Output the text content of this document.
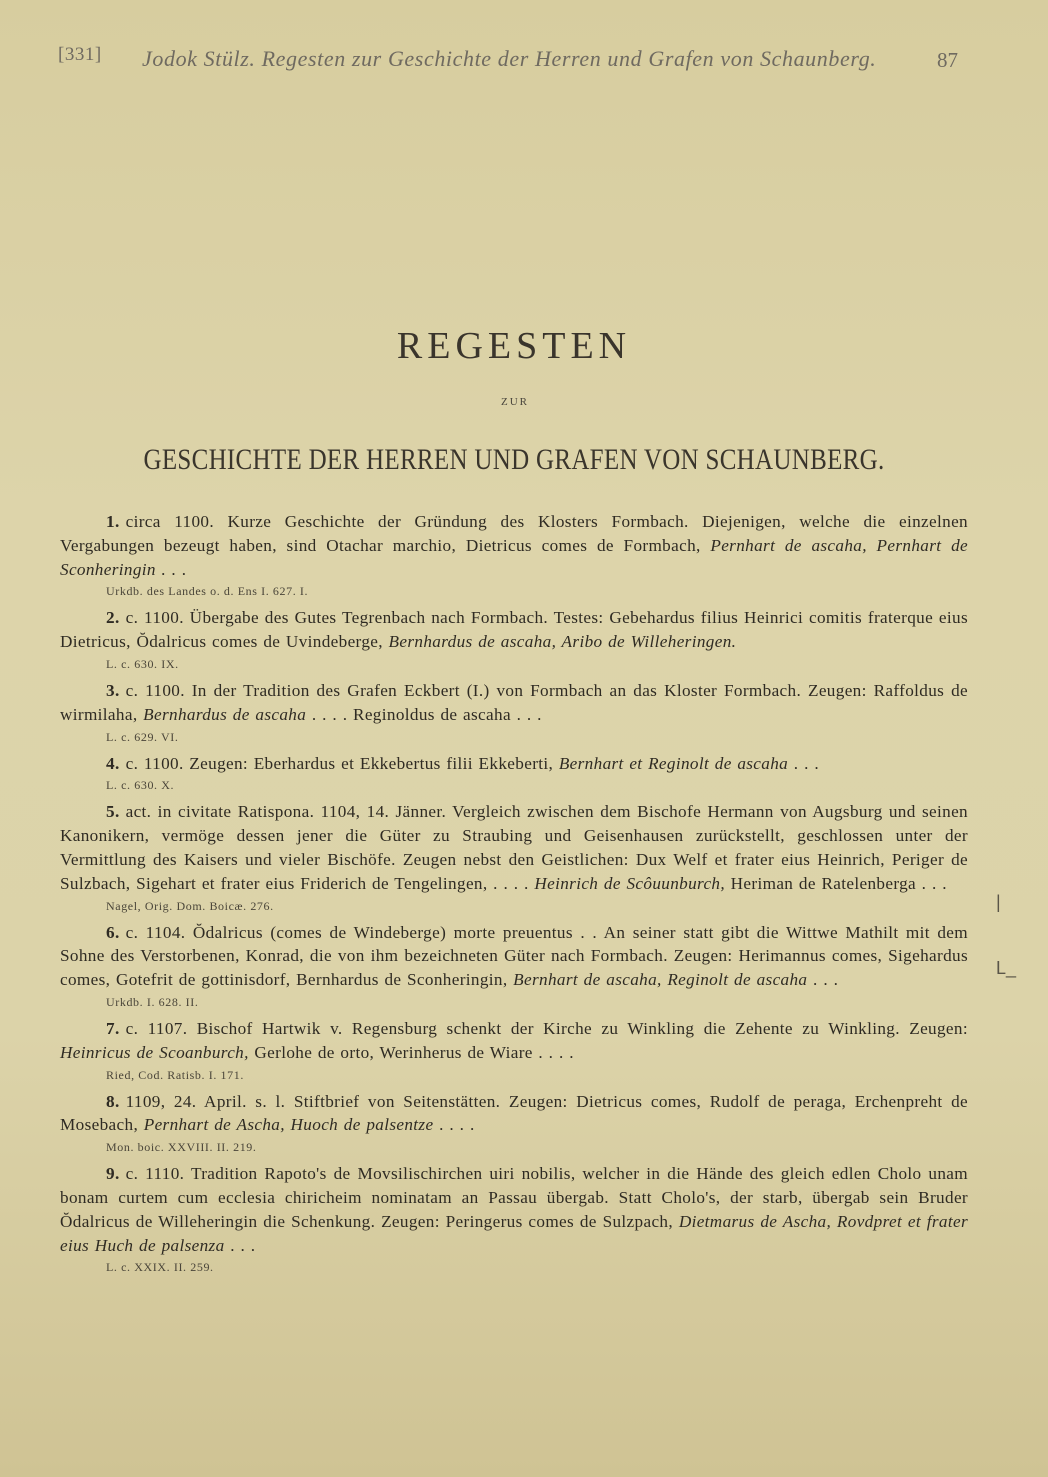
[331] Jodok Stülz. Regesten zur Geschichte der Herren und Grafen von Schaunberg.	87
REGESTEN
ZUR
GESCHICHTE DER HERREN UND GRAFEN VON SCHAUNBERG.
1. circa 1100. Kurze Geschichte der Gründung des Klosters Formbach. Diejenigen, welche die einzelnen Vergabungen bezeugt haben, sind Otachar marchio, Dietricus comes de Formbach, Pernhart de ascaha, Pernhart de Sconheringin . . .
Urkdb. des Landes o. d. Ens I. 627. I.
2. c. 1100. Übergabe des Gutes Tegrenbach nach Formbach. Testes: Gebehardus filius Heinrici comitis fraterque eius Dietricus, Ŏdalricus comes de Uvindeberge, Bernhardus de ascaha, Aribo de Willeheringen.
L. c. 630. IX.
3. c. 1100. In der Tradition des Grafen Eckbert (I.) von Formbach an das Kloster Formbach. Zeugen: Raffoldus de wirmilaha, Bernhardus de ascaha . . . . Reginoldus de ascaha . . .
L. c. 629. VI.
4. c. 1100. Zeugen: Eberhardus et Ekkebertus filii Ekkeberti, Bernhart et Reginolt de ascaha . . .
L. c. 630. X.
5. act. in civitate Ratispona. 1104, 14. Jänner. Vergleich zwischen dem Bischofe Hermann von Augsburg und seinen Kanonikern, vermöge dessen jener die Güter zu Straubing und Geisenhausen zurückstellt, geschlossen unter der Vermittlung des Kaisers und vieler Bischöfe. Zeugen nebst den Geistlichen: Dux Welf et frater eius Heinrich, Periger de Sulzbach, Sigehart et frater eius Friderich de Tengelingen, . . . . Heinrich de Scôuunburch, Heriman de Ratelenberga . . .
Nagel, Orig. Dom. Boicæ. 276.
6. c. 1104. Ŏdalricus (comes de Windeberge) morte preuentus . . An seiner statt gibt die Wittwe Mathilt mit dem Sohne des Verstorbenen, Konrad, die von ihm bezeichneten Güter nach Formbach. Zeugen: Herimannus comes, Sigehardus comes, Gotefrit de gottinisdorf, Bernhardus de Sconheringin, Bernhart de ascaha, Reginolt de ascaha . . .
Urkdb. I. 628. II.
7. c. 1107. Bischof Hartwik v. Regensburg schenkt der Kirche zu Winkling die Zehente zu Winkling. Zeugen: Heinricus de Scoanburch, Gerlohe de orto, Werinherus de Wiare . . . .
Ried, Cod. Ratisb. I. 171.
8. 1109, 24. April. s. l. Stiftbrief von Seitenstätten. Zeugen: Dietricus comes, Rudolf de peraga, Erchenpreht de Mosebach, Pernhart de Ascha, Huoch de palsentze . . . .
Mon. boic. XXVIII. II. 219.
9. c. 1110. Tradition Rapoto's de Movsilischirchen uiri nobilis, welcher in die Hände des gleich edlen Cholo unam bonam curtem cum ecclesia chiricheim nominatam an Passau übergab. Statt Cholo's, der starb, übergab sein Bruder Ŏdalricus de Willeheringin die Schenkung. Zeugen: Peringerus comes de Sulzpach, Dietmarus de Ascha, Rovdpret et frater eius Huch de palsenza . . .
L. c. XXIX. II. 259.
|
L_
